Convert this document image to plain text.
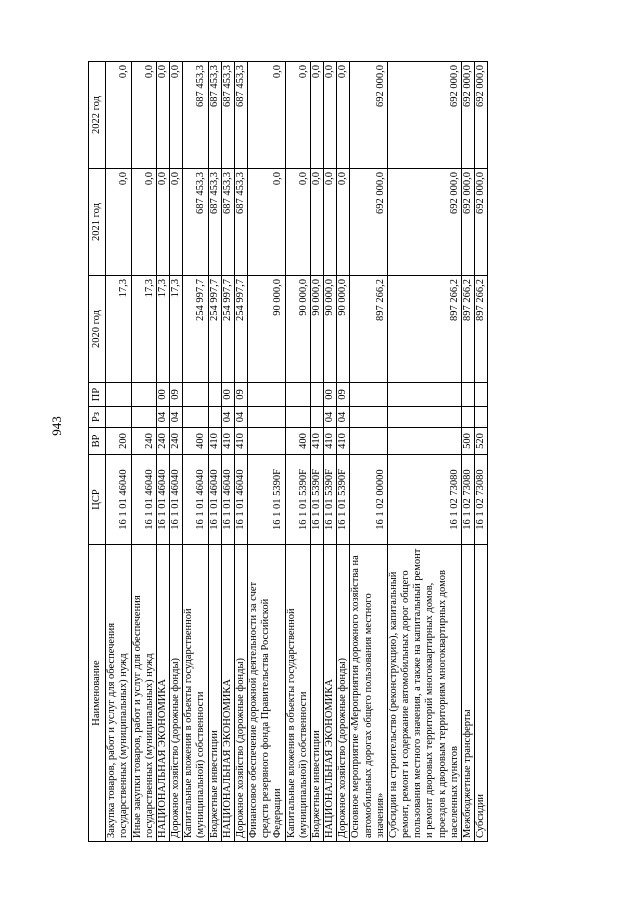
943
Наименование	ЦСР	ВР	Рз	ПР	2020 год	2021 год	2022 год
Закупка товаров, работ и услуг для обеспечения государственных (муниципальных) нужд	16 1 01 46040	200			17,3	0,0	0,0
Иные закупки товаров, работ и услуг для обеспечения государственных (муниципальных) нужд	16 1 01 46040	240			17,3	0,0	0,0
НАЦИОНАЛЬНАЯ ЭКОНОМИКА	16 1 01 46040	240	04	00	17,3	0,0	0,0
Дорожное хозяйство (дорожные фонды)	16 1 01 46040	240	04	09	17,3	0,0	0,0
Капитальные вложения в объекты государственной (муниципальной) собственности	16 1 01 46040	400			254 997,7	687 453,3	687 453,3
Бюджетные инвестиции	16 1 01 46040	410			254 997,7	687 453,3	687 453,3
НАЦИОНАЛЬНАЯ ЭКОНОМИКА	16 1 01 46040	410	04	00	254 997,7	687 453,3	687 453,3
Дорожное хозяйство (дорожные фонды)	16 1 01 46040	410	04	09	254 997,7	687 453,3	687 453,3
Финансовое обеспечение дорожной деятельности за счет средств резервного фонда Правительства Российской Федерации	16 1 01 5390F				90 000,0	0,0	0,0
Капитальные вложения в объекты государственной (муниципальной) собственности	16 1 01 5390F	400			90 000,0	0,0	0,0
Бюджетные инвестиции	16 1 01 5390F	410			90 000,0	0,0	0,0
НАЦИОНАЛЬНАЯ ЭКОНОМИКА	16 1 01 5390F	410	04	00	90 000,0	0,0	0,0
Дорожное хозяйство (дорожные фонды)	16 1 01 5390F	410	04	09	90 000,0	0,0	0,0
Основное мероприятие «Мероприятия дорожного хозяйства на автомобильных дорогах общего пользования местного значения»	16 1 02 00000				897 266,2	692 000,0	692 000,0
Субсидии на строительство (реконструкцию), капитальный ремонт, ремонт и содержание автомобильных дорог общего пользования местного значения, а также на капитальный ремонт и ремонт дворовых территорий многоквартирных домов, проездов к дворовым территориям многоквартирных домов населенных пунктов	16 1 02 73080				897 266,2	692 000,0	692 000,0
Межбюджетные трансферты	16 1 02 73080	500			897 266,2	692 000,0	692 000,0
Субсидии	16 1 02 73080	520			897 266,2	692 000,0	692 000,0
